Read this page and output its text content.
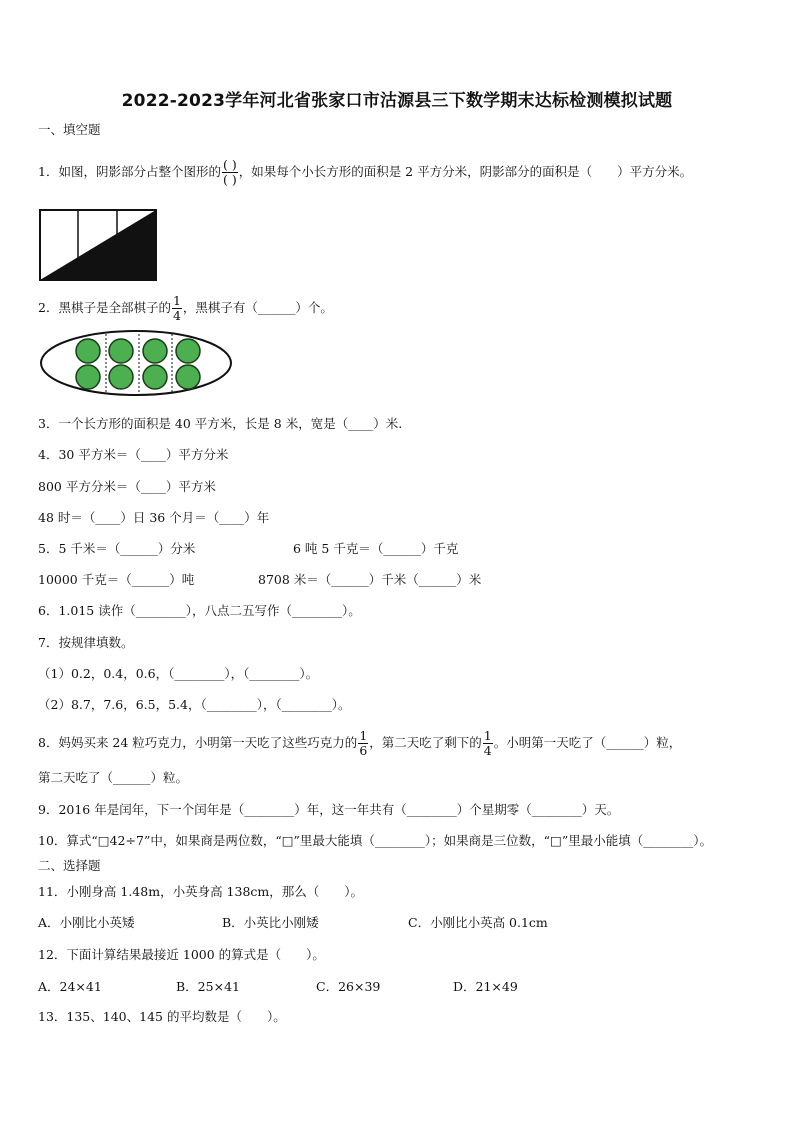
2022-2023学年河北省张家口市沽源县三下数学期末达标检测模拟试题
一、填空题
1．如图，阴影部分占整个图形的 $\frac{( )}{( )}$ ，如果每个小长方形的面积是 2 平方分米，阴影部分的面积是（　　）平方分米。
2．黑棋子是全部棋子的 $\frac{1}{4}$ ，黑棋子有（______）个。
3．一个长方形的面积是 40 平方米，长是 8 米，宽是（____）米.
4．30 平方米＝（____）平方分米
800 平方分米＝（____）平方米
48 时＝（____）日 36 个月＝（____）年
5．5 千米＝（______）分米	6 吨 5 千克＝（______）千克
10000 千克＝（______）吨	8708 米＝（______）千米（______）米
6．1.015 读作（________），八点二五写作（________）。
7．按规律填数。
（1）0.2，0.4，0.6，（________），（________）。
（2）8.7，7.6，6.5，5.4，（________），（________）。
8．妈妈买来 24 粒巧克力，小明第一天吃了这些巧克力的 $\frac{1}{6}$ ，第二天吃了剩下的 $\frac{1}{4}$ 。小明第一天吃了（______）粒，
第二天吃了（______）粒。
9．2016 年是闰年，下一个闰年是（________）年，这一年共有（________）个星期零（________）天。
10．算式“□42÷7”中，如果商是两位数，“□”里最大能填（________）；如果商是三位数，“□”里最小能填（________）。
二、选择题
11．小刚身高 1.48m，小英身高 138cm，那么（　　）。
A．小刚比小英矮	B．小英比小刚矮	C．小刚比小英高 0.1cm
12．下面计算结果最接近 1000 的算式是（　　）。
A．24×41	B．25×41	C．26×39	D．21×49
13．135、140、145 的平均数是（　　）。
